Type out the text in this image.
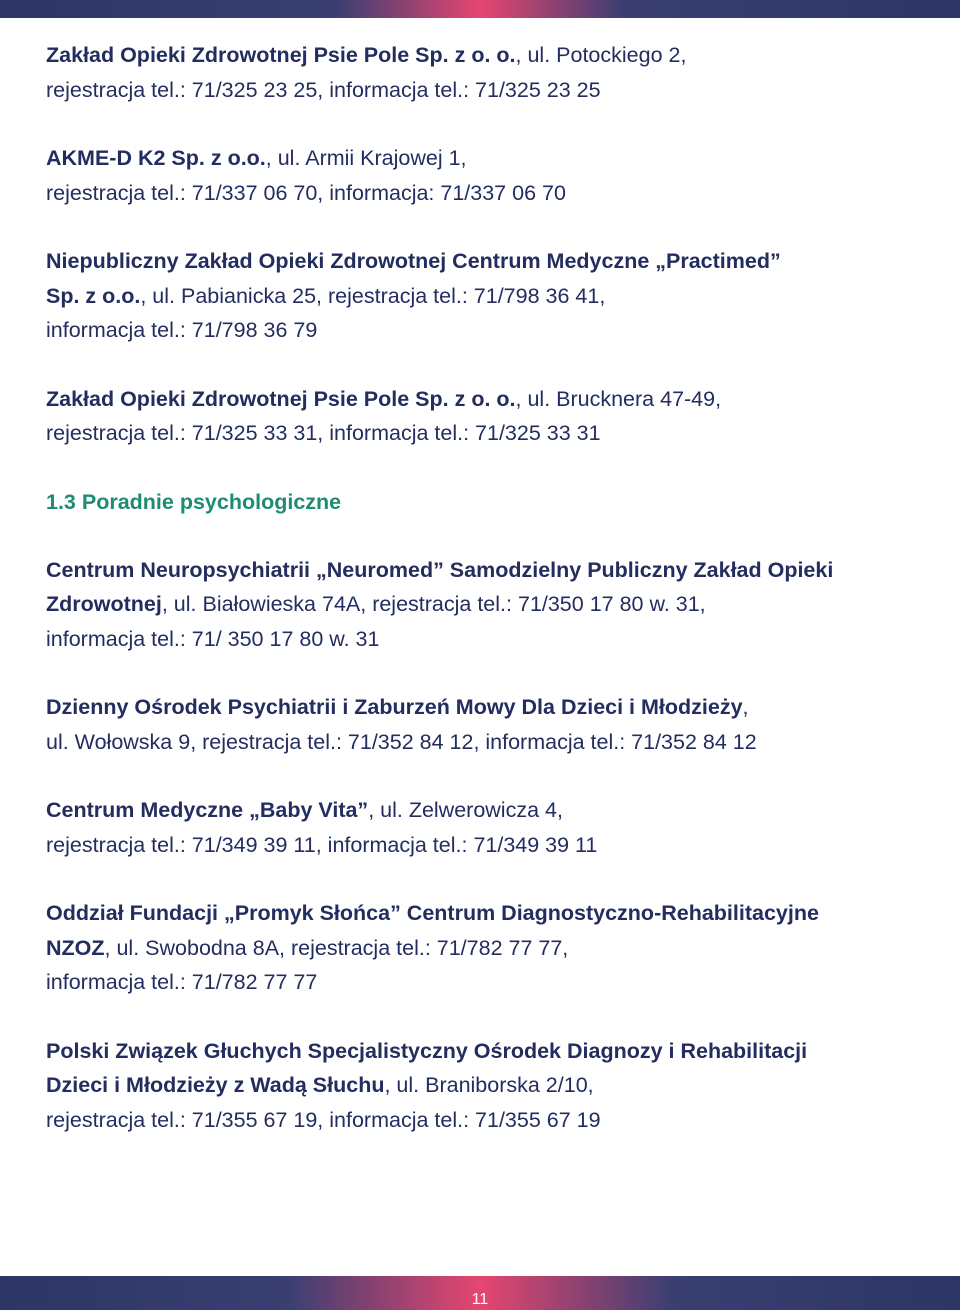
Zakład Opieki Zdrowotnej Psie Pole Sp. z o. o., ul. Potockiego 2,
rejestracja tel.: 71/325 23 25, informacja tel.: 71/325 23 25
AKME-D K2 Sp. z o.o., ul. Armii Krajowej 1,
rejestracja tel.: 71/337 06 70, informacja: 71/337 06 70
Niepubliczny Zakład Opieki Zdrowotnej Centrum Medyczne „Practimed”
Sp. z o.o., ul. Pabianicka 25, rejestracja tel.: 71/798 36 41,
informacja tel.: 71/798 36 79
Zakład Opieki Zdrowotnej Psie Pole Sp. z o. o., ul. Brucknera 47-49,
rejestracja tel.: 71/325 33 31, informacja tel.: 71/325 33 31
1.3 Poradnie psychologiczne
Centrum Neuropsychiatrii „Neuromed” Samodzielny Publiczny Zakład Opieki
Zdrowotnej, ul. Białowieska 74A, rejestracja tel.: 71/350 17 80 w. 31,
informacja tel.: 71/ 350 17 80 w. 31
Dzienny Ośrodek Psychiatrii i Zaburzeń Mowy Dla Dzieci i Młodzieży,
ul. Wołowska 9, rejestracja tel.: 71/352 84 12, informacja tel.: 71/352 84 12
Centrum Medyczne „Baby Vita”, ul. Zelwerowicza 4,
rejestracja tel.: 71/349 39 11, informacja tel.: 71/349 39 11
Oddział Fundacji „Promyk Słońca” Centrum Diagnostyczno-Rehabilitacyjne
NZOZ, ul. Swobodna 8A, rejestracja tel.: 71/782 77 77,
informacja tel.: 71/782 77 77
Polski Związek Głuchych Specjalistyczny Ośrodek Diagnozy i Rehabilitacji
Dzieci i Młodzieży z Wadą Słuchu, ul. Braniborska 2/10,
rejestracja tel.: 71/355 67 19, informacja tel.: 71/355 67 19
11
